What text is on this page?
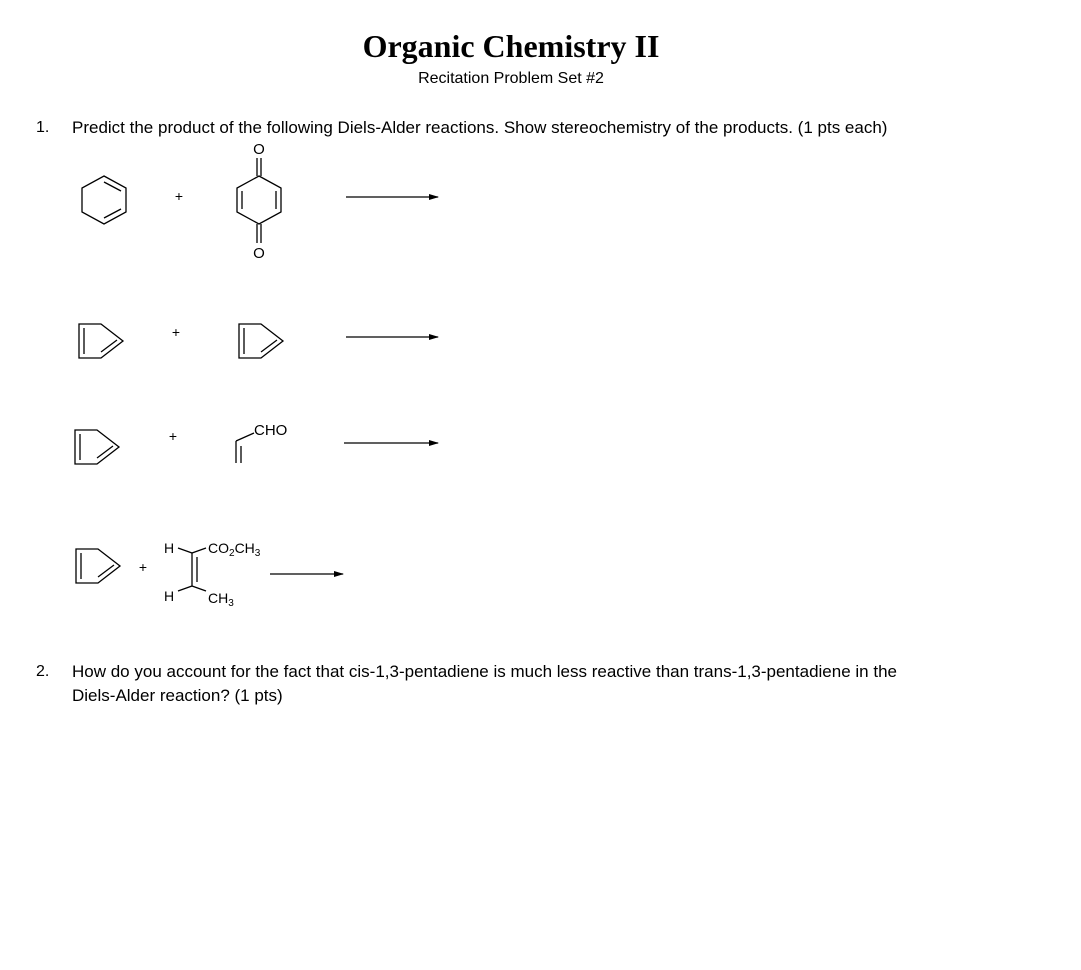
Organic Chemistry II
Recitation Problem Set #2
1. Predict the product of the following Diels-Alder reactions. Show stereochemistry of the products. (1 pts each)
2. How do you account for the fact that cis-1,3-pentadiene is much less reactive than trans-1,3-pentadiene in the
Diels-Alder reaction? (1 pts)
+
O
O
+
+	CHO
+
H
H
$CO_2CH_3$
$CH_3$
